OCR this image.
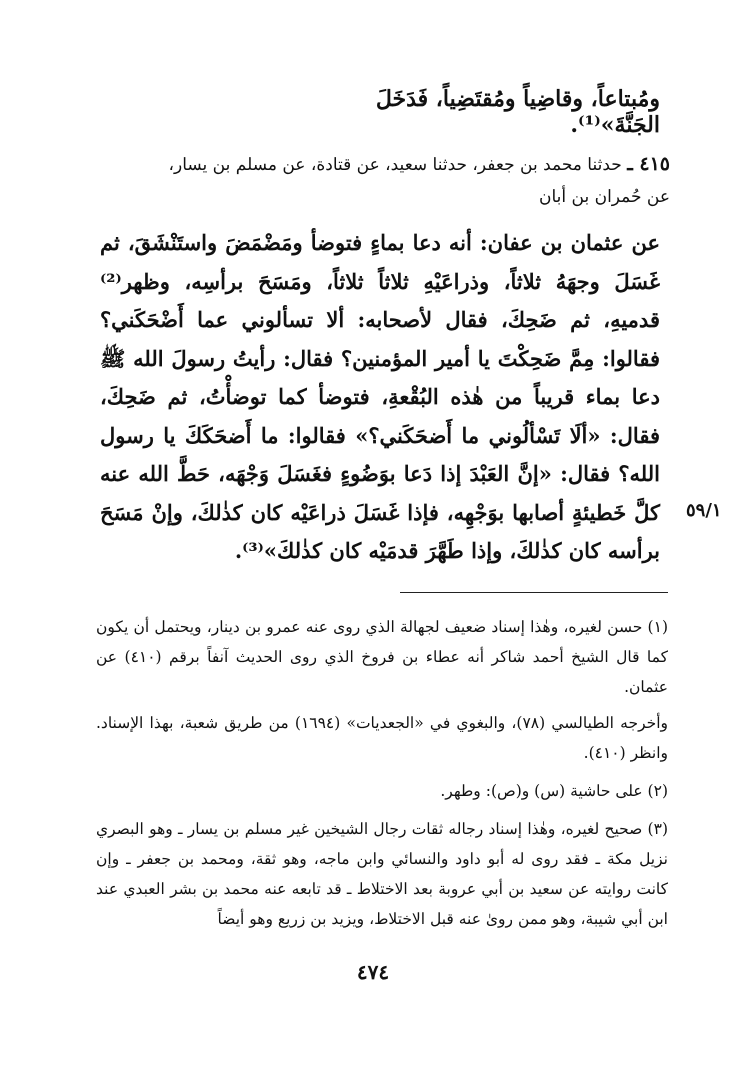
ومُبتاعاً، وقاضِياً ومُقتَضِياً، فَدَخَلَ الجَنَّةَ»⁽¹⁾.
٤١٥ ـ حدثنا محمد بن جعفر، حدثنا سعيد، عن قتادة، عن مسلم بن يسار، عن حُمران بن أبان
عن عثمان بن عفان: أنه دعا بماءٍ فتوضأ ومَضْمَضَ واستَنْشَقَ، ثم غَسَلَ وجهَهُ ثلاثاً، وذراعَيْهِ ثلاثاً ثلاثاً، ومَسَحَ برأسِه، وظهر⁽²⁾ قدميهِ، ثم ضَحِكَ، فقال لأصحابه: ألا تسألوني عما أَضْحَكَني؟ فقالوا: مِمَّ ضَحِكْتَ يا أمير المؤمنين؟ فقال: رأيتُ رسولَ الله ﷺ دعا بماء قريباً من هٰذه البُقْعةِ، فتوضأ كما توضأْتُ، ثم ضَحِكَ، فقال: «ألَا تَسْألُوني ما أَضحَكَني؟» فقالوا: ما أَضحَكَكَ يا رسول الله؟ فقال: «إنَّ العَبْدَ إذا دَعا بوَضُوءٍ فغَسَلَ وَجْهَه، حَطَّ الله عنه كلَّ خَطيئةٍ أصابها بوَجْهِه، فإذا غَسَلَ ذراعَيْه كان كذٰلكَ، وإنْ مَسَحَ برأسه كان كذٰلكَ، وإذا طَهَّرَ قدمَيْه كان كذٰلكَ»⁽³⁾.
٥٩/١

(١) حسن لغيره، وهٰذا إسناد ضعيف لجهالة الذي روى عنه عمرو بن دينار، ويحتمل أن يكون كما قال الشيخ أحمد شاكر أنه عطاء بن فروخ الذي روى الحديث آنفاً برقم (٤١٠) عن عثمان.

وأخرجه الطيالسي (٧٨)، والبغوي في «الجعديات» (١٦٩٤) من طريق شعبة، بهذا الإسناد. وانظر (٤١٠).

(٢) على حاشية (س) و(ص): وطهر.

(٣) صحيح لغيره، وهٰذا إسناد رجاله ثقات رجال الشيخين غير مسلم بن يسار ـ وهو البصري نزيل مكة ـ فقد روى له أبو داود والنسائي وابن ماجه، وهو ثقة، ومحمد بن جعفر ـ وإن كانت روايته عن سعيد بن أبي عروبة بعد الاختلاط ـ قد تابعه عنه محمد بن بشر العبدي عند ابن أبي شيبة، وهو ممن روىٰ عنه قبل الاختلاط، ويزيد بن زريع وهو أيضاً

٤٧٤
